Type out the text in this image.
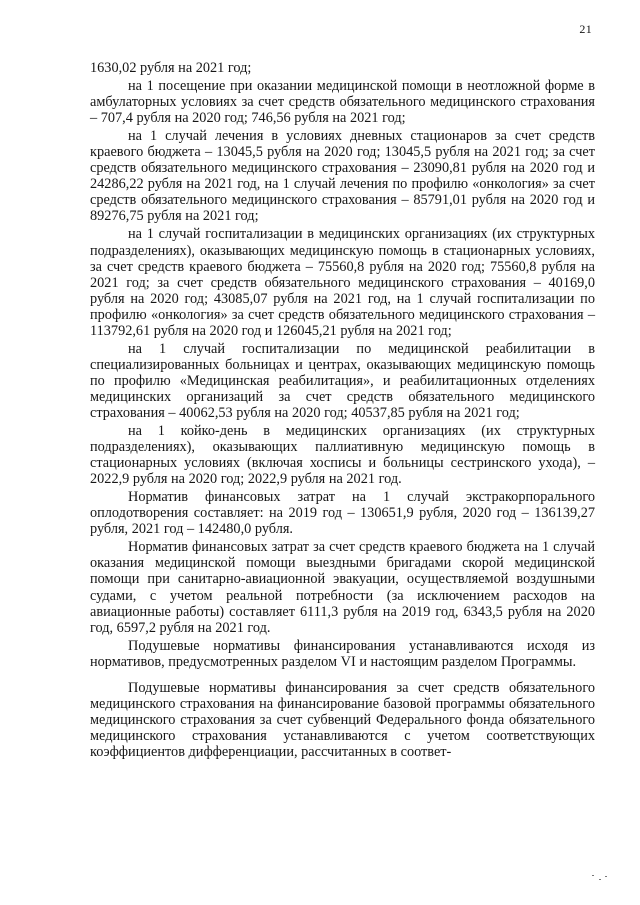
21

1630,02 рубля на 2021 год;

на 1 посещение при оказании медицинской помощи в неотложной форме в амбулаторных условиях за счет средств обязательного медицинского страхования – 707,4 рубля на 2020 год; 746,56 рубля на 2021 год;

на 1 случай лечения в условиях дневных стационаров за счет средств краевого бюджета – 13045,5 рубля на 2020 год; 13045,5 рубля на 2021 год; за счет средств обязательного медицинского страхования – 23090,81 рубля на 2020 год и 24286,22 рубля на 2021 год, на 1 случай лечения по профилю «онкология» за счет средств обязательного медицинского страхования – 85791,01 рубля на 2020 год и 89276,75 рубля на 2021 год;

на 1 случай госпитализации в медицинских организациях (их структурных подразделениях), оказывающих медицинскую помощь в стационарных условиях, за счет средств краевого бюджета – 75560,8 рубля на 2020 год; 75560,8 рубля на 2021 год; за счет средств обязательного медицинского страхования – 40169,0 рубля на 2020 год; 43085,07 рубля на 2021 год, на 1 случай госпитализации по профилю «онкология» за счет средств обязательного медицинского страхования – 113792,61 рубля на 2020 год и 126045,21 рубля на 2021 год;

на 1 случай госпитализации по медицинской реабилитации в специализированных больницах и центрах, оказывающих медицинскую помощь по профилю «Медицинская реабилитация», и реабилитационных отделениях медицинских организаций за счет средств обязательного медицинского страхования – 40062,53 рубля на 2020 год; 40537,85 рубля на 2021 год;

на 1 койко-день в медицинских организациях (их структурных подразделениях), оказывающих паллиативную медицинскую помощь в стационарных условиях (включая хосписы и больницы сестринского ухода), – 2022,9 рубля на 2020 год; 2022,9 рубля на 2021 год.

Норматив финансовых затрат на 1 случай экстракорпорального оплодотворения составляет: на 2019 год – 130651,9 рубля, 2020 год – 136139,27 рубля, 2021 год – 142480,0 рубля.

Норматив финансовых затрат за счет средств краевого бюджета на 1 случай оказания медицинской помощи выездными бригадами скорой медицинской помощи при санитарно-авиационной эвакуации, осуществляемой воздушными судами, с учетом реальной потребности (за исключением расходов на авиационные работы) составляет 6111,3 рубля на 2019 год, 6343,5 рубля на 2020 год, 6597,2 рубля на 2021 год.

Подушевые нормативы финансирования устанавливаются исходя из нормативов, предусмотренных разделом VI и настоящим разделом Программы.

Подушевые нормативы финансирования за счет средств обязательного медицинского страхования на финансирование базовой программы обязательного медицинского страхования за счет субвенций Федерального фонда обязательного медицинского страхования устанавливаются с учетом соответствующих коэффициентов дифференциации, рассчитанных в соответ-
